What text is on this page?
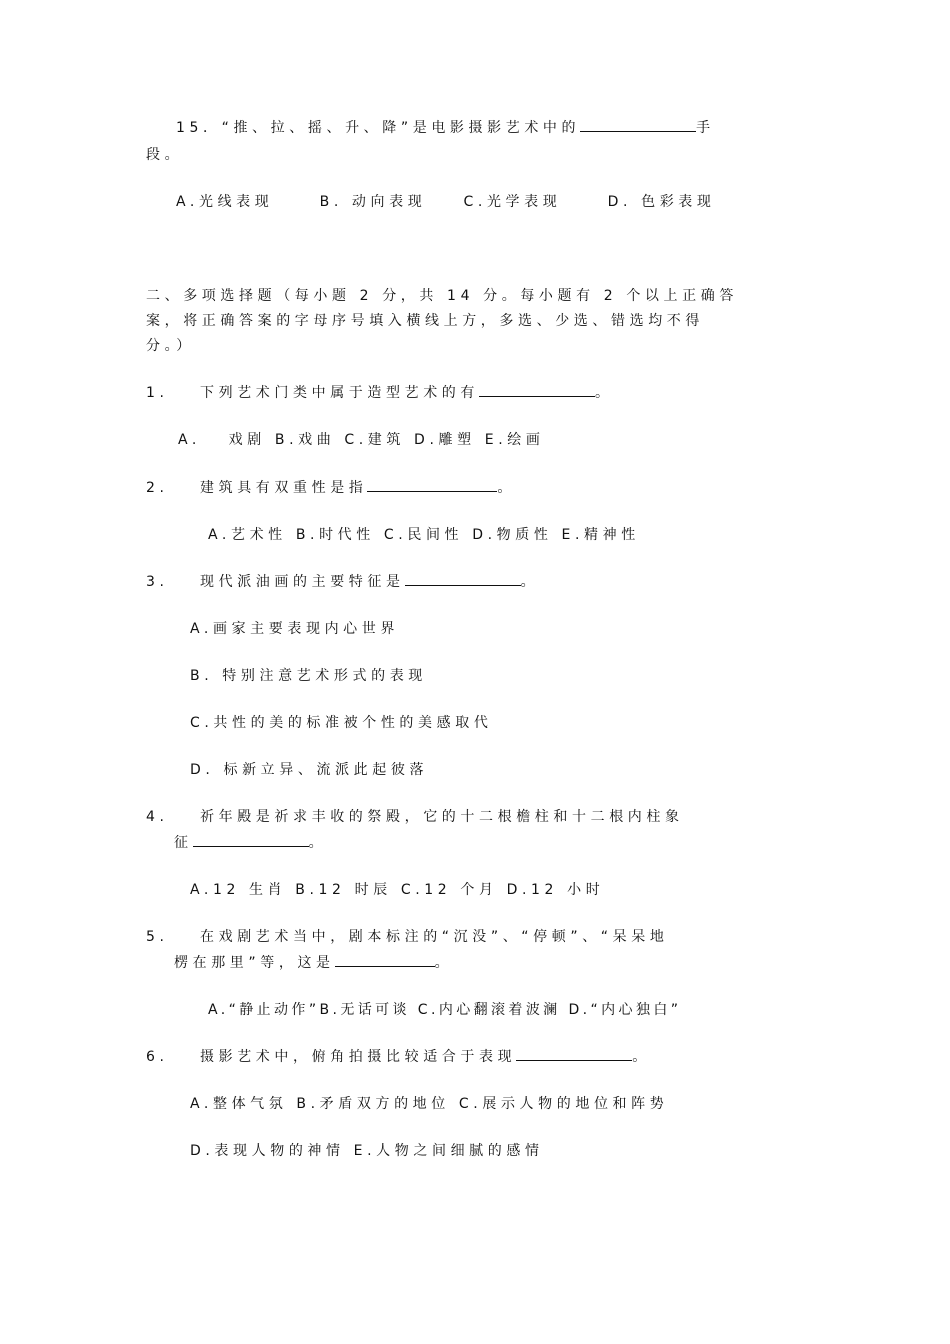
15．“推、拉、摇、升、降”是电影摄影艺术中的	手
段。
A.光线表现　　 B. 动向表现　　C.光学表现　　 D. 色彩表现
二、多项选择题（每小题 2 分，共 14 分。每小题有 2 个以上正确答
案，将正确答案的字母序号填入横线上方，多选、少选、错选均不得
分。）
1. 下列艺术门类中属于造型艺术的有	。
A.　 戏剧 B.戏曲 C.建筑 D.雕塑 E.绘画
2. 建筑具有双重性是指	。
A.艺术性 B.时代性 C.民间性 D.物质性 E.精神性
3. 现代派油画的主要特征是	。
A.画家主要表现内心世界
B. 特别注意艺术形式的表现
C.共性的美的标准被个性的美感取代
D. 标新立异、流派此起彼落
4. 祈年殿是祈求丰收的祭殿，它的十二根檐柱和十二根内柱象
征	。
A.12 生肖 B.12 时辰 C.12 个月 D.12 小时
5. 在戏剧艺术当中，剧本标注的“沉没”、“停顿”、“呆呆地
楞在那里”等，这是	。
A.“静止动作”B.无话可谈 C.内心翻滚着波澜 D.“内心独白”
6. 摄影艺术中，俯角拍摄比较适合于表现	。
A.整体气氛 B.矛盾双方的地位 C.展示人物的地位和阵势
D.表现人物的神情 E.人物之间细腻的感情
